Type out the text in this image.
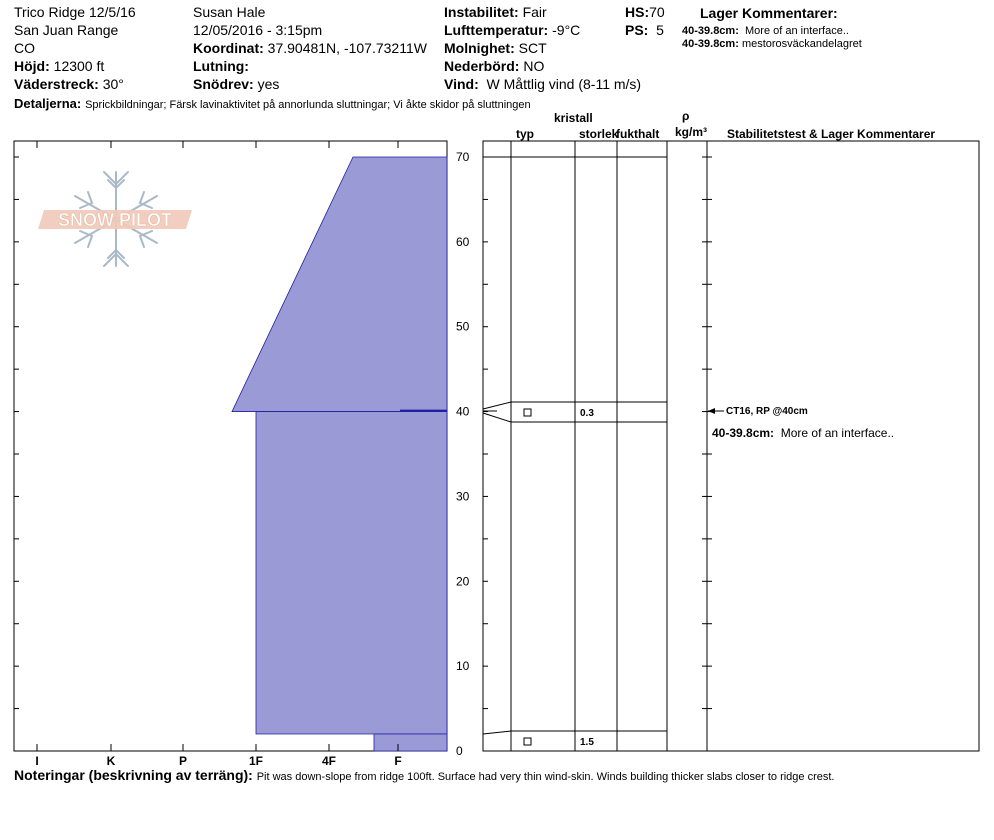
SNOW PILOT
I	K	P	1F	4F	F
0
10
20
30
40
50
60
70
Trico Ridge 12/5/16
San Juan Range
CO
Höjd: 12300 ft
Väderstreck: 30°
Susan Hale
12/05/2016 - 3:15pm
Koordinat: 37.90481N, -107.73211W
Lutning:
Snödrev: yes
Instabilitet: Fair
Lufttemperatur: -9°C
Molnighet: SCT
Nederbörd: NO
Vind: W Måttlig vind (8-11 m/s)
HS:70
PS: 5
Lager Kommentarer:
40-39.8cm: More of an interface..
40-39.8cm: mestorosväckandelagret
Detaljerna: Sprickbildningar; Färsk lavinaktivitet på annorlunda sluttningar; Vi åkte skidor på sluttningen
ρ
kristall
typ	storlek
fukthalt kg/m³ Stabilitetstest & Lager Kommentarer
0.3
1.5
CT16, RP @40cm
40-39.8cm: More of an interface..
Noteringar (beskrivning av terräng): Pit was down-slope from ridge 100ft. Surface had very thin wind-skin. Winds building thicker slabs closer to ridge crest.
